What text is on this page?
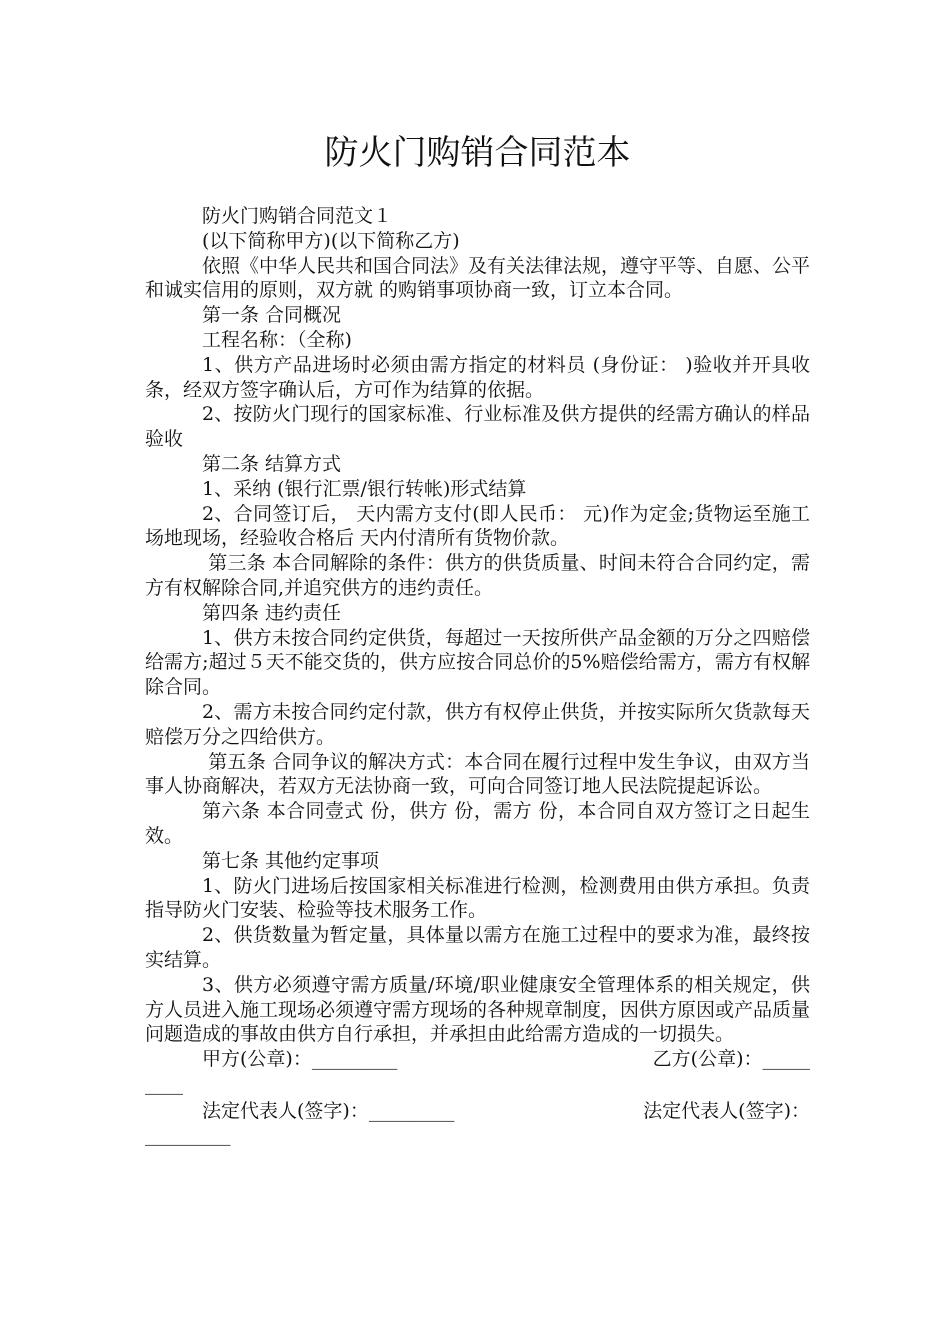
防火门购销合同范本

防火门购销合同范文１

(以下简称甲方)(以下简称乙方)

依照《中华人民共和国合同法》及有关法律法规，遵守平等、自愿、公平和诚实信用的原则，双方就 的购销事项协商一致，订立本合同。

第一条 合同概况

工程名称：（全称)

1、供方产品进场时必须由需方指定的材料员 (身份证： )验收并开具收条，经双方签字确认后，方可作为结算的依据。

2、按防火门现行的国家标准、行业标准及供方提供的经需方确认的样品验收

第二条 结算方式

1、采纳 (银行汇票/银行转帐)形式结算

2、合同签订后， 天内需方支付(即人民币： 元)作为定金;货物运至施工场地现场，经验收合格后 天内付清所有货物价款。

第三条 本合同解除的条件：供方的供货质量、时间未符合合同约定，需方有权解除合同,并追究供方的违约责任。

第四条 违约责任

1、供方未按合同约定供货，每超过一天按所供产品金额的万分之四赔偿给需方;超过５天不能交货的，供方应按合同总价的5%赔偿给需方，需方有权解除合同。

2、需方未按合同约定付款，供方有权停止供货，并按实际所欠货款每天赔偿万分之四给供方。

第五条 合同争议的解决方式：本合同在履行过程中发生争议，由双方当事人协商解决，若双方无法协商一致，可向合同签订地人民法院提起诉讼。

第六条 本合同壹式 份，供方 份，需方 份，本合同自双方签订之日起生效。

第七条 其他约定事项

1、防火门进场后按国家相关标准进行检测，检测费用由供方承担。负责指导防火门安装、检验等技术服务工作。

2、供货数量为暂定量，具体量以需方在施工过程中的要求为准，最终按实结算。

3、供方必须遵守需方质量/环境/职业健康安全管理体系的相关规定，供方人员进入施工现场必须遵守需方现场的各种规章制度，因供方原因或产品质量问题造成的事故由供方自行承担，并承担由此给需方造成的一切损失。

甲方(公章)：_________

	乙方(公章)：_____

____

法定代表人(签字)：_________

	法定代表人(签字)：

_________
